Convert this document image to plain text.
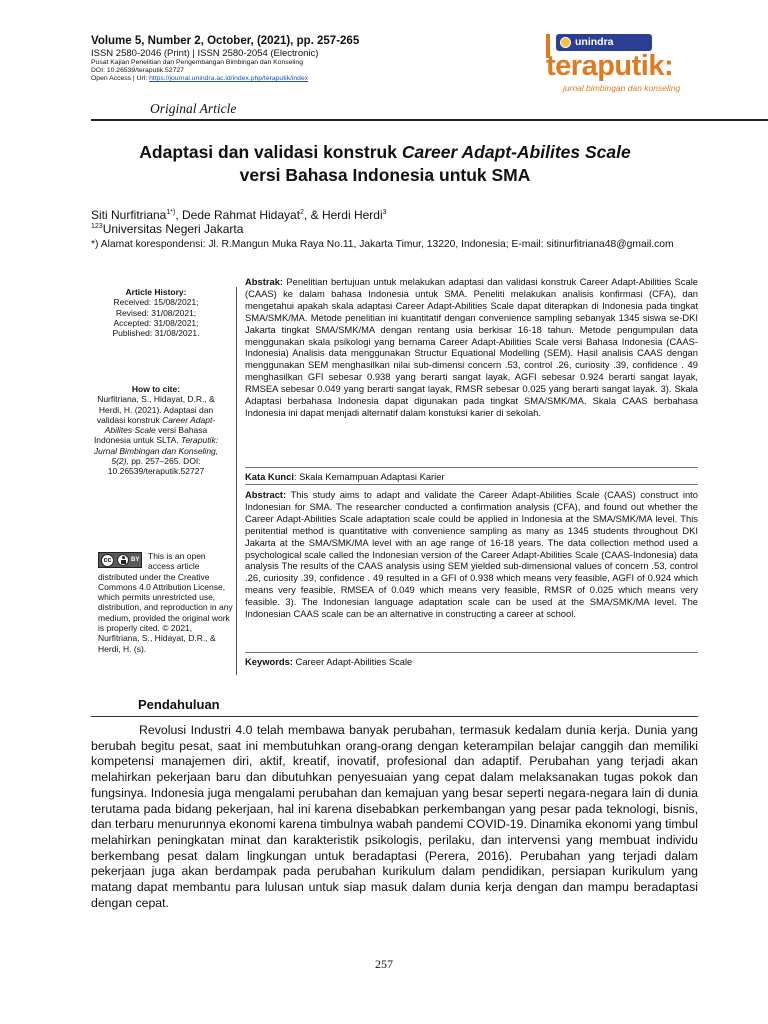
Volume 5, Number 2, October, (2021), pp. 257-265
ISSN 2580-2046 (Print) | ISSN 2580-2054 (Electronic)
Pusat Kajian Penelitian dan Pengembangan Bimbingan dan Konseling
DOI: 10.26539/teraputik.52727
Open Access | Url: https://journal.unindra.ac.id/index.php/teraputik/index
unindra
teraputik:
jurnal bimbingan dan konseling
Original Article
Adaptasi dan validasi konstruk Career Adapt-Abilites Scale versi Bahasa Indonesia untuk SMA
Siti Nurfitriana$^{1*)}$, Dede Rahmat Hidayat$^2$, & Herdi Herdi$^3$
$^{123}$Universitas Negeri Jakarta
*) Alamat korespondensi: Jl. R.Mangun Muka Raya No.11, Jakarta Timur, 13220, Indonesia; E-mail: sitinurfitriana48@gmail.com
Article History:
Received: 15/08/2021;
Revised: 31/08/2021;
Accepted: 31/08/2021;
Published: 31/08/2021.
How to cite:
Nurfitriana, S., Hidayat, D.R., & Herdi, H. (2021). Adaptasi dan validasi konstruk Career Adapt-Abilites Scale versi Bahasa Indonesia untuk SLTA. Teraputik: Jurnal Bimbingan dan Konseling, 5(2), pp. 257–265. DOI: 10.26539/teraputik.52727
cc	BY	This is an open access article
distributed under the Creative Commons 4.0 Attribution License, which permits unrestricted use, distribution, and reproduction in any medium, provided the original work is properly cited. © 2021, Nurfitriana, S., Hidayat, D.R., & Herdi, H. (s).
Abstrak: Penelitian bertujuan untuk melakukan adaptasi dan validasi konstruk Career Adapt-Abilities Scale (CAAS) ke dalam bahasa Indonesia untuk SMA. Peneliti melakukan analisis konfirmasi (CFA), dan mengetahui apakah skala adaptasi Career Adapt-Abilities Scale dapat diterapkan di Indonesia pada tingkat SMA/SMK/MA. Metode penelitian ini kuantitatif dengan convenience sampling sebanyak 1345 siswa se-DKI Jakarta tingkat SMA/SMK/MA dengan rentang usia berkisar 16-18 tahun. Metode pengumpulan data menggunakan skala psikologi yang bernama Career Adapt-Abilities Scale versi Bahasa Indonesia (CAAS-Indonesia) Analisis data menggunakan Structur Equational Modelling (SEM). Hasil analisis CAAS dengan menggunakan SEM menghasilkan nilai sub-dimensi concern .53, control .26, curiosity .39, confidence . 49 menghasilkan GFI sebesar 0.938 yang berarti sangat layak, AGFI sebesar 0.924 berarti sangat layak, RMSEA sebesar 0.049 yang berarti sangat layak, RMSR sebesar 0.025 yang berarti sangat layak. 3). Skala Adaptasi berbahasa Indonesia dapat digunakan pada tingkat SMA/SMK/MA. Skala CAAS berbahasa Indonesia ini dapat menjadi alternatif dalam konstuksi karier di sekolah.
Kata Kunci: Skala Kemampuan Adaptasi Karier
Abstract: This study aims to adapt and validate the Career Adapt-Abilities Scale (CAAS) construct into Indonesian for SMA. The researcher conducted a confirmation analysis (CFA), and found out whether the Career Adapt-Abilities Scale adaptation scale could be applied in Indonesia at the SMA/SMK/MA level. This penitential method is quantitative with convenience sampling as many as 1345 students throughout DKI Jakarta at the SMA/SMK/MA level with an age range of 16-18 years. The data collection method used a psychological scale called the Indonesian version of the Career Adapt-Abilities Scale (CAAS-Indonesia) data analysis The results of the CAAS analysis using SEM yielded sub-dimensional values of concern .53, control .26, curiosity .39, confidence . 49 resulted in a GFI of 0.938 which means very feasible, AGFI of 0.924 which means very feasible, RMSEA of 0.049 which means very feasible, RMSR of 0.025 which means very feasible. 3). The Indonesian language adaptation scale can be used at the SMA/SMK/MA level. The Indonesian CAAS scale can be an alternative in constructing a career at school.
Keywords: Career Adapt-Abilities Scale
Pendahuluan
Revolusi Industri 4.0 telah membawa banyak perubahan, termasuk kedalam dunia kerja. Dunia yang berubah begitu pesat, saat ini membutuhkan orang-orang dengan keterampilan belajar canggih dan memiliki kompetensi manajemen diri, aktif, kreatif, inovatif, profesional dan adaptif. Perubahan yang terjadi akan melahirkan pekerjaan baru dan dibutuhkan penyesuaian yang cepat dalam melaksanakan tugas pokok dan fungsinya. Indonesia juga mengalami perubahan dan kemajuan yang besar seperti negara-negara lain di dunia terutama pada bidang pekerjaan, hal ini karena disebabkan perkembangan yang pesar pada teknologi, bisnis, dan terbaru menurunnya ekonomi karena timbulnya wabah pandemi COVID-19. Dinamika ekonomi yang timbul melahirkan peningkatan minat dan karakteristik psikologis, perilaku, dan intervensi yang membuat individu berkembang pesat dalam lingkungan untuk beradaptasi (Perera, 2016). Perubahan yang terjadi dalam pekerjaan juga akan berdampak pada perubahan kurikulum dalam pendidikan, persiapan kurikulum yang matang dapat membantu para lulusan untuk siap masuk dalam dunia kerja dengan dan mampu beradaptasi dengan cepat.
257
